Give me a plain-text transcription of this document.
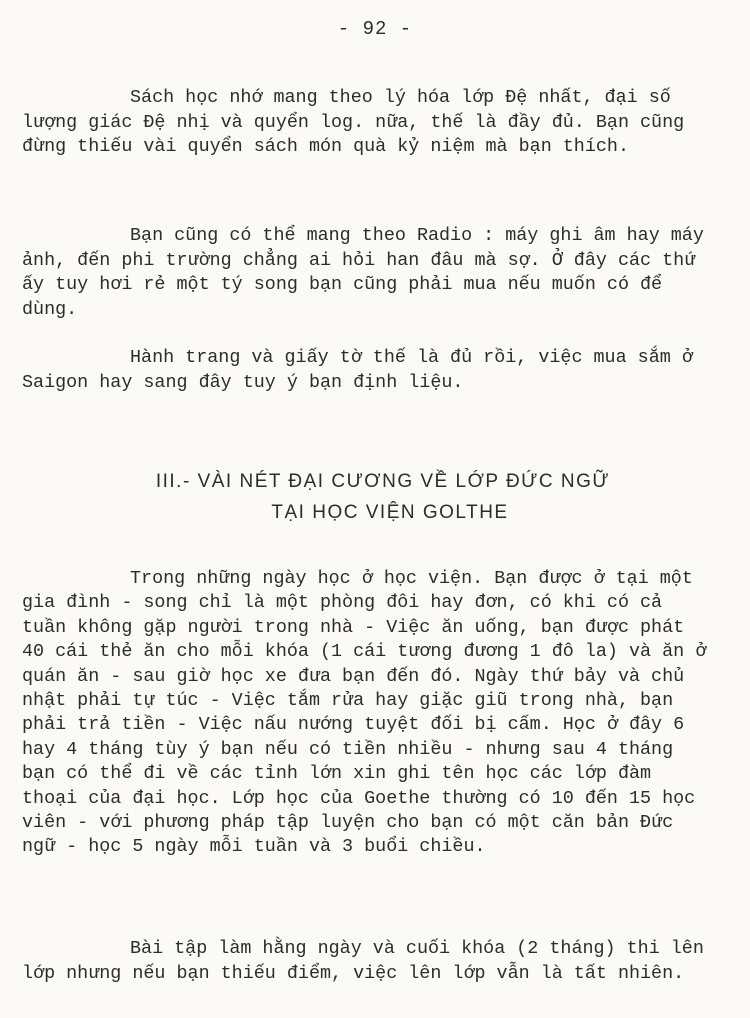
- 92 -

Sách học nhớ mang theo lý hóa lớp Đệ nhất, đại số lượng giác Đệ nhị và quyển log. nữa, thế là đầy đủ. Bạn cũng đừng thiếu vài quyển sách món quà kỷ niệm mà bạn thích.

Bạn cũng có thể mang theo Radio : máy ghi âm hay máy ảnh, đến phi trường chẳng ai hỏi han đâu mà sợ. Ở đây các thứ ấy tuy hơi rẻ một tý song bạn cũng phải mua nếu muốn có để dùng.

Hành trang và giấy tờ thế là đủ rồi, việc mua sắm ở Saigon hay sang đây tuy ý bạn định liệu.

III.- VÀI NÉT ĐẠI CƯƠNG VỀ LỚP ĐỨC NGỮ
TẠI HỌC VIỆN GOLTHE

Trong những ngày học ở học viện. Bạn được ở tại một gia đình - song chỉ là một phòng đôi hay đơn, có khi có cả tuần không gặp người trong nhà - Việc ăn uống, bạn được phát 40 cái thẻ ăn cho mỗi khóa (1 cái tương đương 1 đô la) và ăn ở quán ăn - sau giờ học xe đưa bạn đến đó. Ngày thứ bảy và chủ nhật phải tự túc - Việc tắm rửa hay giặc giũ trong nhà, bạn phải trả tiền - Việc nấu nướng tuyệt đối bị cấm. Học ở đây 6 hay 4 tháng tùy ý bạn nếu có tiền nhiều - nhưng sau 4 tháng bạn có thể đi về các tỉnh lớn xin ghi tên học các lớp đàm thoại của đại học. Lớp học của Goethe thường có 10 đến 15 học viên - với phương pháp tập luyện cho bạn có một căn bản Đức ngữ - học 5 ngày mỗi tuần và 3 buổi chiều.

Bài tập làm hằng ngày và cuối khóa (2 tháng) thi lên lớp nhưng nếu bạn thiếu điểm, việc lên lớp vẫn là tất nhiên.
